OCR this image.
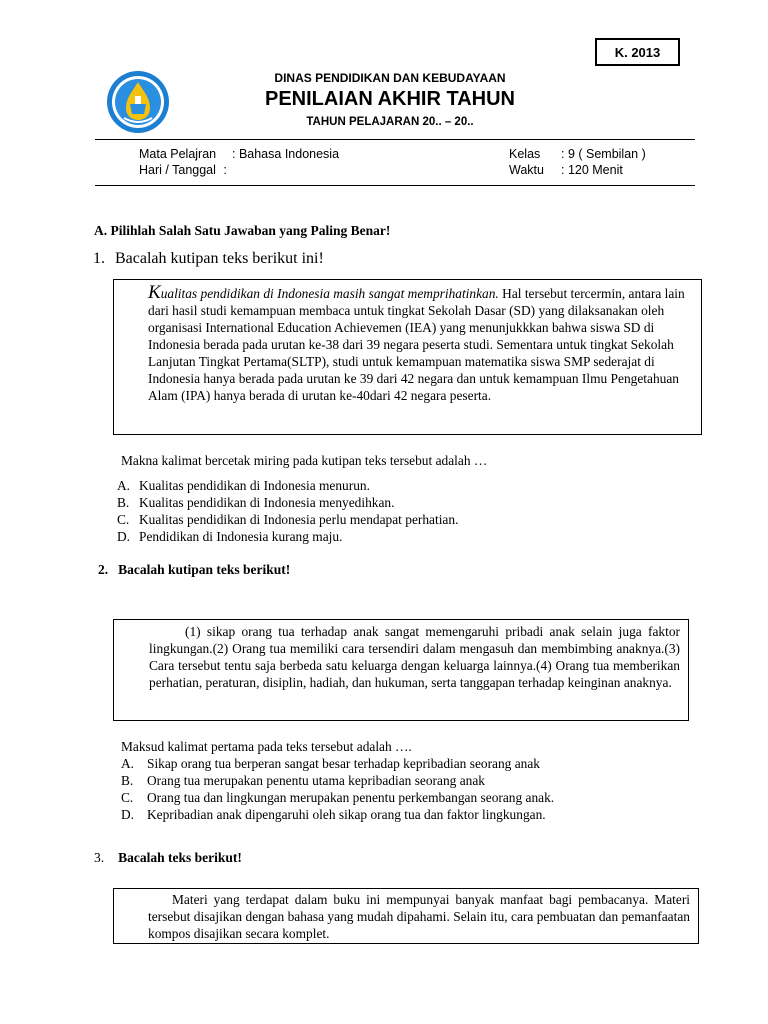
K. 2013
DINAS PENDIDIKAN DAN KEBUDAYAAN
PENILAIAN AKHIR TAHUN
TAHUN PELAJARAN 20.. – 20..
Mata Pelajran : Bahasa Indonesia
Hari / Tanggal :
Kelas : 9 ( Sembilan )
Waktu : 120 Menit
A. Pilihlah Salah Satu Jawaban yang Paling Benar!
1. Bacalah kutipan teks berikut ini!
Kualitas pendidikan di Indonesia masih sangat memprihatinkan. Hal tersebut tercermin, antara lain dari hasil studi kemampuan membaca untuk tingkat Sekolah Dasar (SD) yang dilaksanakan oleh organisasi International Education Achievemen (IEA) yang menunjukkkan bahwa siswa SD di Indonesia berada pada urutan ke-38 dari 39 negara peserta studi. Sementara untuk tingkat Sekolah Lanjutan Tingkat Pertama(SLTP), studi untuk kemampuan matematika siswa SMP sederajat di Indonesia hanya berada pada urutan ke 39 dari 42 negara dan untuk kemampuan Ilmu Pengetahuan Alam (IPA) hanya berada di urutan ke-40dari 42 negara peserta.
Makna kalimat bercetak miring pada kutipan teks tersebut adalah …
A. Kualitas pendidikan di Indonesia menurun.
B. Kualitas pendidikan di Indonesia menyedihkan.
C. Kualitas pendidikan di Indonesia perlu mendapat perhatian.
D. Pendidikan di Indonesia kurang maju.
2. Bacalah kutipan teks berikut!
(1) sikap orang tua terhadap anak sangat memengaruhi pribadi anak selain juga faktor lingkungan.(2) Orang tua memiliki cara tersendiri dalam mengasuh dan membimbing anaknya.(3) Cara tersebut tentu saja berbeda satu keluarga dengan keluarga lainnya.(4) Orang tua memberikan perhatian, peraturan, disiplin, hadiah, dan hukuman, serta tanggapan terhadap keinginan anaknya.
Maksud kalimat pertama pada teks tersebut adalah ….
A. Sikap orang tua berperan sangat besar terhadap kepribadian seorang anak
B. Orang tua merupakan penentu utama kepribadian seorang anak
C. Orang tua dan lingkungan merupakan penentu perkembangan seorang anak.
D. Kepribadian anak dipengaruhi oleh sikap orang tua dan faktor lingkungan.
3. Bacalah teks berikut!
Materi yang terdapat dalam buku ini mempunyai banyak manfaat bagi pembacanya. Materi tersebut disajikan dengan bahasa yang mudah dipahami. Selain itu, cara pembuatan dan pemanfaatan kompos disajikan secara komplet.
